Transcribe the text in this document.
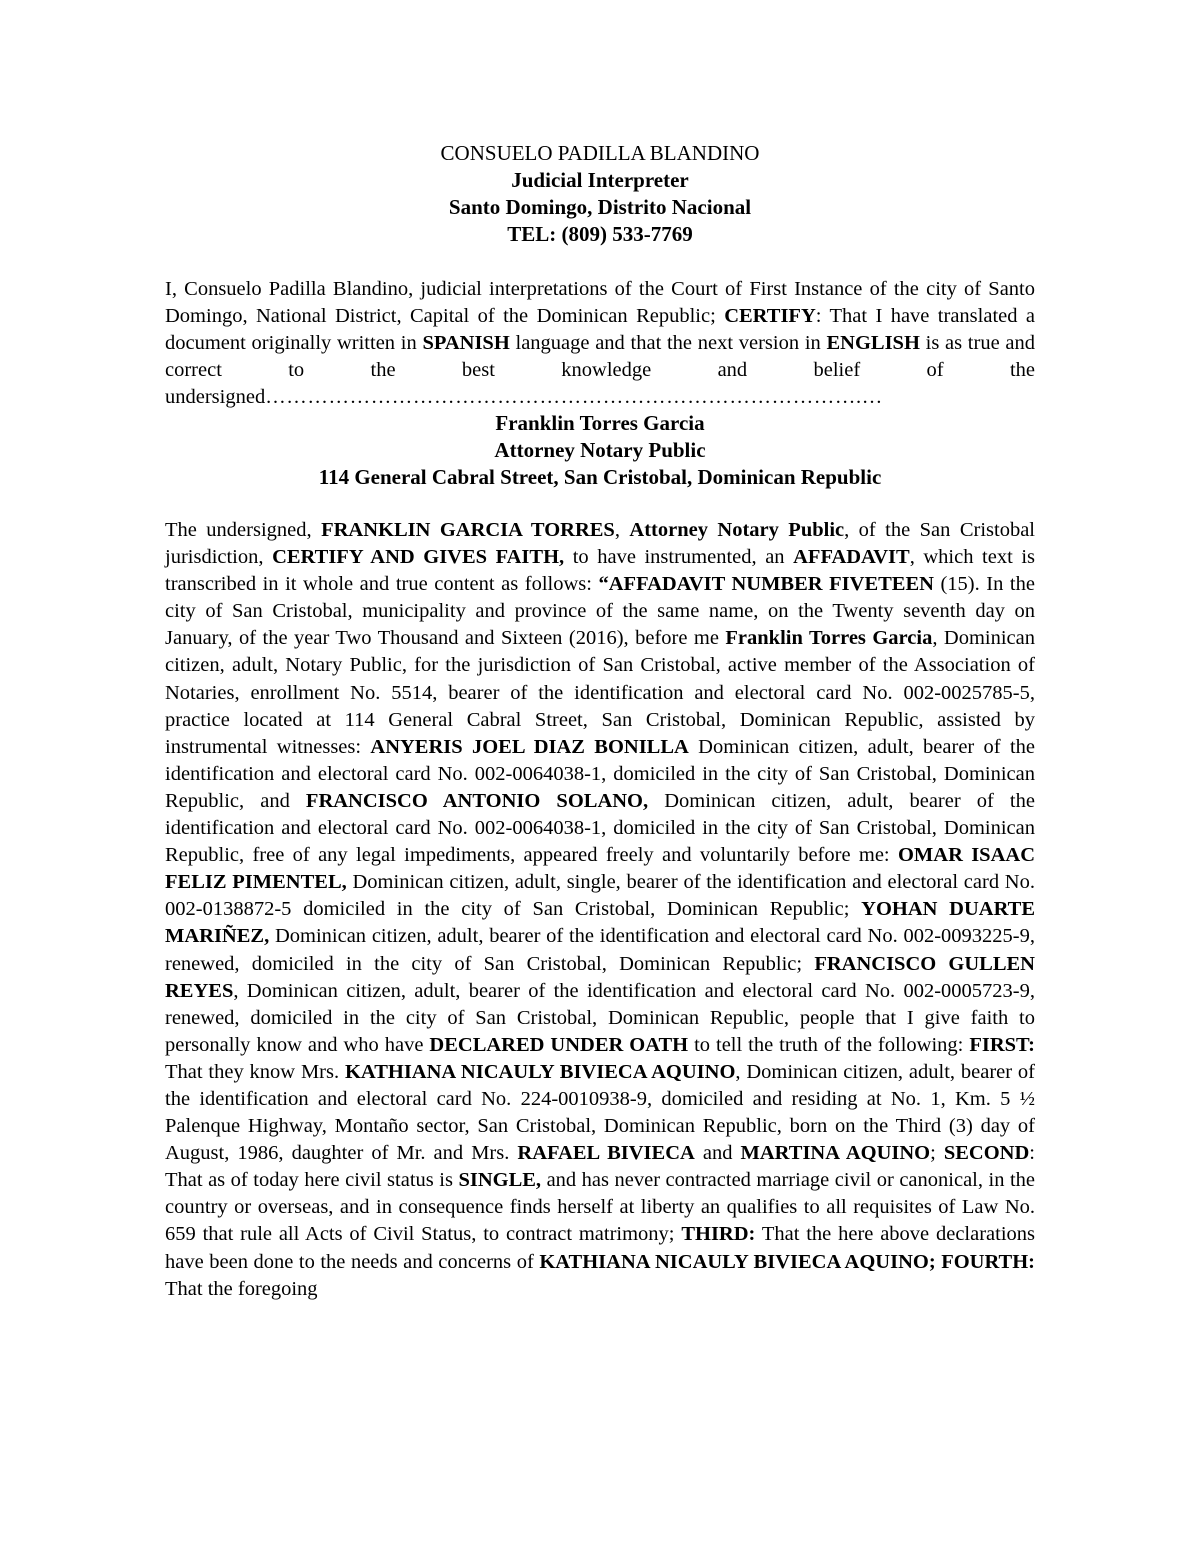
CONSUELO PADILLA BLANDINO
Judicial Interpreter
Santo Domingo, Distrito Nacional
TEL: (809) 533-7769
I, Consuelo Padilla Blandino, judicial interpretations of the Court of First Instance of the city of Santo Domingo, National District, Capital of the Dominican Republic; CERTIFY: That I have translated a document originally written in SPANISH language and that the next version in ENGLISH is as true and correct to the best knowledge and belief of the undersigned………………………………………………………………………….…
Franklin Torres Garcia
Attorney Notary Public
114 General Cabral Street, San Cristobal, Dominican Republic
The undersigned, FRANKLIN GARCIA TORRES, Attorney Notary Public, of the San Cristobal jurisdiction, CERTIFY AND GIVES FAITH, to have instrumented, an AFFADAVIT, which text is transcribed in it whole and true content as follows: “AFFADAVIT NUMBER FIVETEEN (15). In the city of San Cristobal, municipality and province of the same name, on the Twenty seventh day on January, of the year Two Thousand and Sixteen (2016), before me Franklin Torres Garcia, Dominican citizen, adult, Notary Public, for the jurisdiction of San Cristobal, active member of the Association of Notaries, enrollment No. 5514, bearer of the identification and electoral card No. 002-0025785-5, practice located at 114 General Cabral Street, San Cristobal, Dominican Republic, assisted by instrumental witnesses: ANYERIS JOEL DIAZ BONILLA Dominican citizen, adult, bearer of the identification and electoral card No. 002-0064038-1, domiciled in the city of San Cristobal, Dominican Republic, and FRANCISCO ANTONIO SOLANO, Dominican citizen, adult, bearer of the identification and electoral card No. 002-0064038-1, domiciled in the city of San Cristobal, Dominican Republic, free of any legal impediments, appeared freely and voluntarily before me: OMAR ISAAC FELIZ PIMENTEL, Dominican citizen, adult, single, bearer of the identification and electoral card No. 002-0138872-5 domiciled in the city of San Cristobal, Dominican Republic; YOHAN DUARTE MARIÑEZ, Dominican citizen, adult, bearer of the identification and electoral card No. 002-0093225-9, renewed, domiciled in the city of San Cristobal, Dominican Republic; FRANCISCO GULLEN REYES, Dominican citizen, adult, bearer of the identification and electoral card No. 002-0005723-9, renewed, domiciled in the city of San Cristobal, Dominican Republic, people that I give faith to personally know and who have DECLARED UNDER OATH to tell the truth of the following: FIRST: That they know Mrs. KATHIANA NICAULY BIVIECA AQUINO, Dominican citizen, adult, bearer of the identification and electoral card No. 224-0010938-9, domiciled and residing at No. 1, Km. 5 ½ Palenque Highway, Montaño sector, San Cristobal, Dominican Republic, born on the Third (3) day of August, 1986, daughter of Mr. and Mrs. RAFAEL BIVIECA and MARTINA AQUINO; SECOND: That as of today here civil status is SINGLE, and has never contracted marriage civil or canonical, in the country or overseas, and in consequence finds herself at liberty an qualifies to all requisites of Law No. 659 that rule all Acts of Civil Status, to contract matrimony; THIRD: That the here above declarations have been done to the needs and concerns of KATHIANA NICAULY BIVIECA AQUINO; FOURTH: That the foregoing
